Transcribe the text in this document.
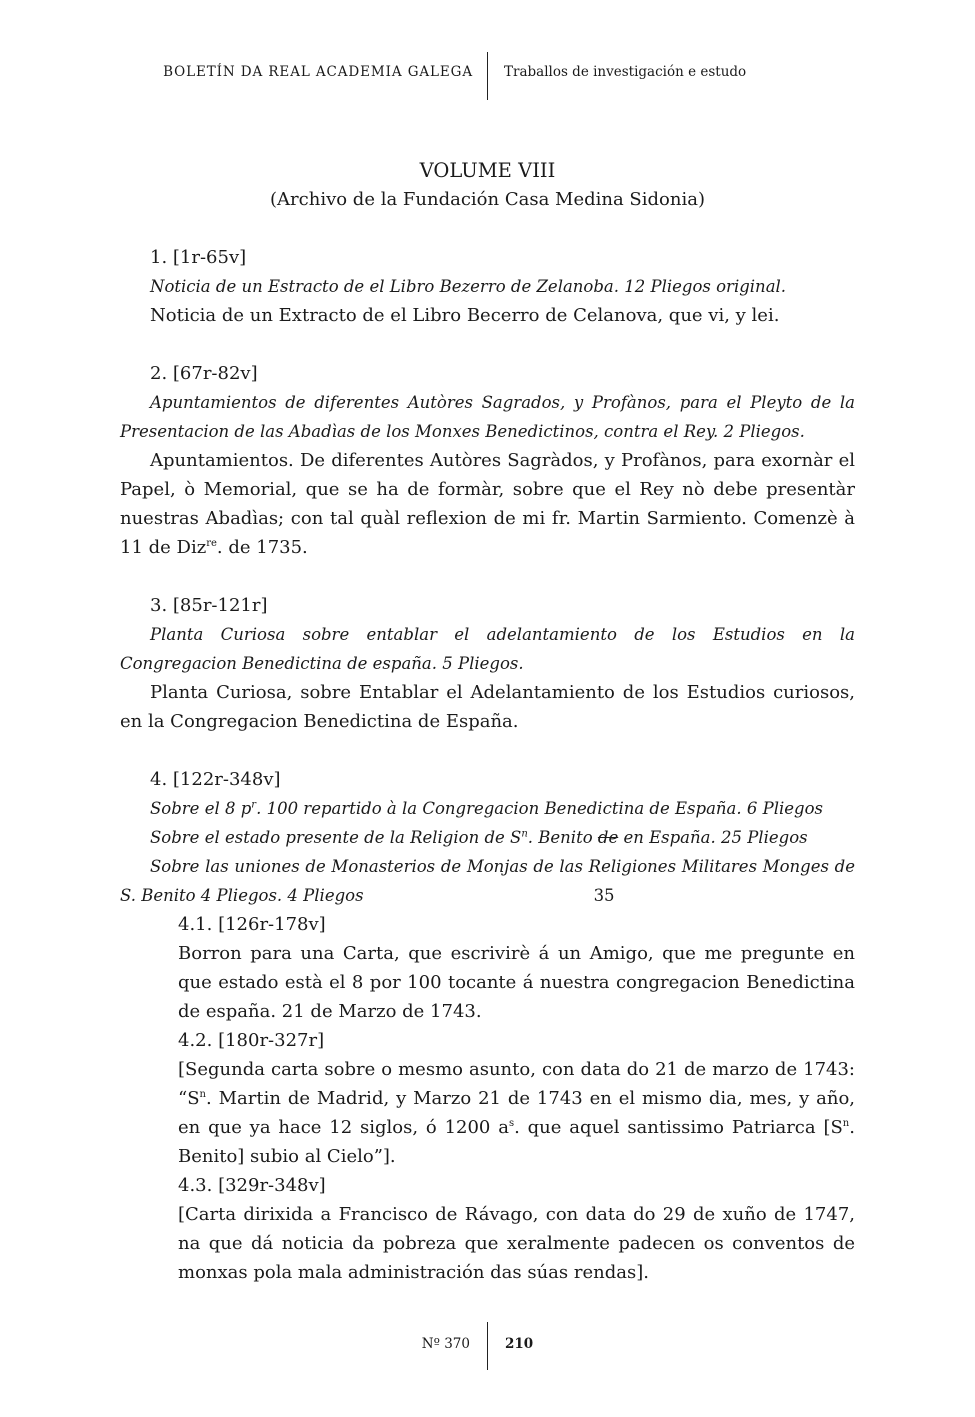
BOLETÍN DA REAL ACADEMIA GALEGA Traballos de investigación e estudo

VOLUME VIII

(Archivo de la Fundación Casa Medina Sidonia)

1. [1r-65v]

Noticia de un Estracto de el Libro Bezerro de Zelanoba. 12 Pliegos original.

Noticia de un Extracto de el Libro Becerro de Celanova, que vi, y lei.

2. [67r-82v]

Apuntamientos de diferentes Autòres Sagrados, y Profànos, para el Pleyto de la Presentacion de las Abadìas de los Monxes Benedictinos, contra el Rey. 2 Pliegos.

Apuntamientos. De diferentes Autòres Sagràdos, y Profànos, para exornàr el Papel, ò Memorial, que se ha de formàr, sobre que el Rey nò debe presentàr nuestras Abadìas; con tal quàl reflexion de mi fr. Martin Sarmiento. Comenzè à 11 de Diz$^{re}$. de 1735.

3. [85r-121r]

Planta Curiosa sobre entablar el adelantamiento de los Estudios en la Congregacion Benedictina de españa. 5 Pliegos.

Planta Curiosa, sobre Entablar el Adelantamiento de los Estudios curiosos, en la Congregacion Benedictina de España.

4. [122r-348v]

Sobre el 8 $p^r$. 100 repartido à la Congregacion Benedictina de España. 6 Pliegos

Sobre el estado presente de la Religion de $S^n$. Benito de en España. 25 Pliegos

Sobre las uniones de Monasterios de Monjas de las Religiones Militares Monges de S. Benito 4 Pliegos. 4 Pliegos	35

4.1. [126r-178v]

Borron para una Carta, que escrivirè á un Amigo, que me pregunte en que estado està el 8 por 100 tocante á nuestra congregacion Benedictina de españa. 21 de Marzo de 1743.

4.2. [180r-327r]

[Segunda carta sobre o mesmo asunto, con data do 21 de marzo de 1743: “$S^n$. Martin de Madrid, y Marzo 21 de 1743 en el mismo dia, mes, y año, en que ya hace 12 siglos, ó 1200 $a^s$. que aquel santissimo Patriarca [$S^n$. Benito] subio al Cielo”].

4.3. [329r-348v]

[Carta dirixida a Francisco de Rávago, con data do 29 de xuño de 1747, na que dá noticia da pobreza que xeralmente padecen os conventos de monxas pola mala administración das súas rendas].

Nº 370	210
